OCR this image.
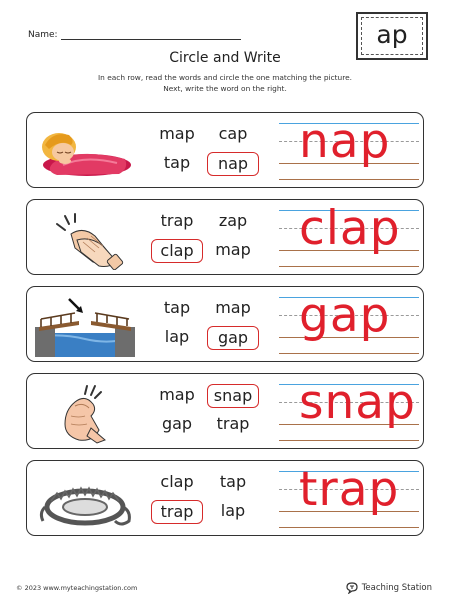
Name:	ap
Circle and Write
In each row, read the words and circle the one matching the picture.
Next, write the word on the right.
map	cap
tap	nap nap
trap	zap
clap	map clap
tap	map
lap	gap gap
map	snap
gap	trap snap
clap	tap
trap	lap trap
© 2023 www.myteachingstation.com	Teaching Station
